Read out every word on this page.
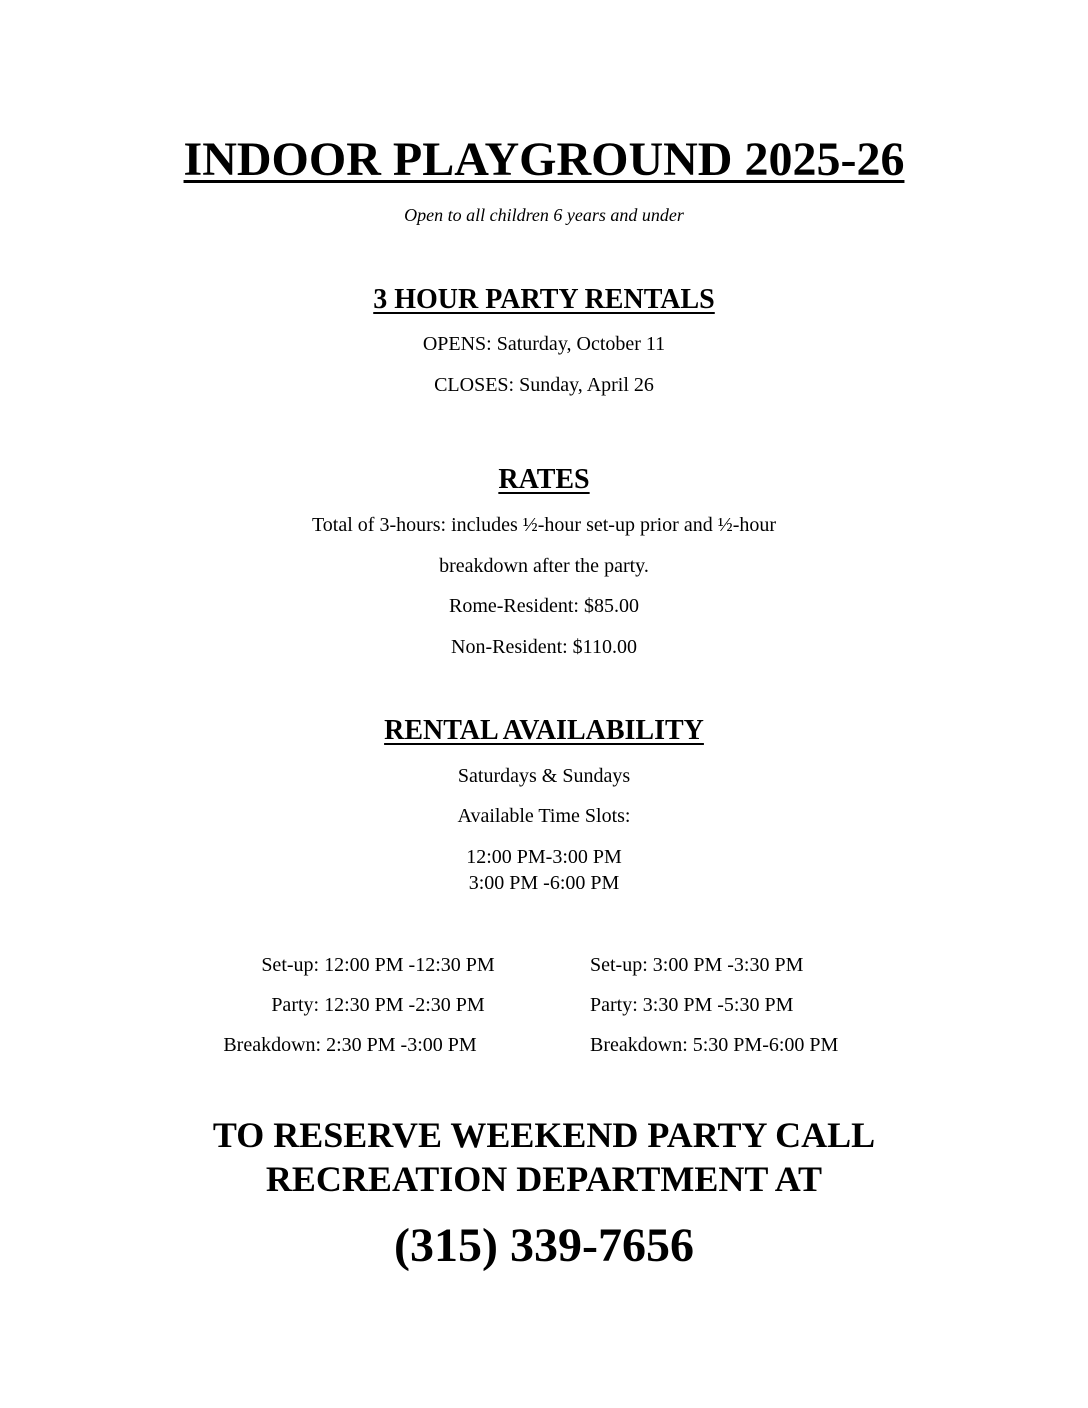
INDOOR PLAYGROUND 2025-26
Open to all children 6 years and under
3 HOUR PARTY RENTALS
OPENS: Saturday, October 11
CLOSES: Sunday, April 26
RATES
Total of 3-hours: includes ½-hour set-up prior and ½-hour
breakdown after the party.
Rome-Resident: $85.00
Non-Resident: $110.00
RENTAL AVAILABILITY
Saturdays & Sundays
Available Time Slots:
12:00 PM-3:00 PM
3:00 PM -6:00 PM
Set-up: 12:00 PM -12:30 PM
Party: 12:30 PM -2:30 PM
Breakdown: 2:30 PM -3:00 PM
Set-up: 3:00 PM -3:30 PM
Party: 3:30 PM -5:30 PM
Breakdown: 5:30 PM-6:00 PM
TO RESERVE WEEKEND PARTY CALL
RECREATION DEPARTMENT AT
(315) 339-7656
